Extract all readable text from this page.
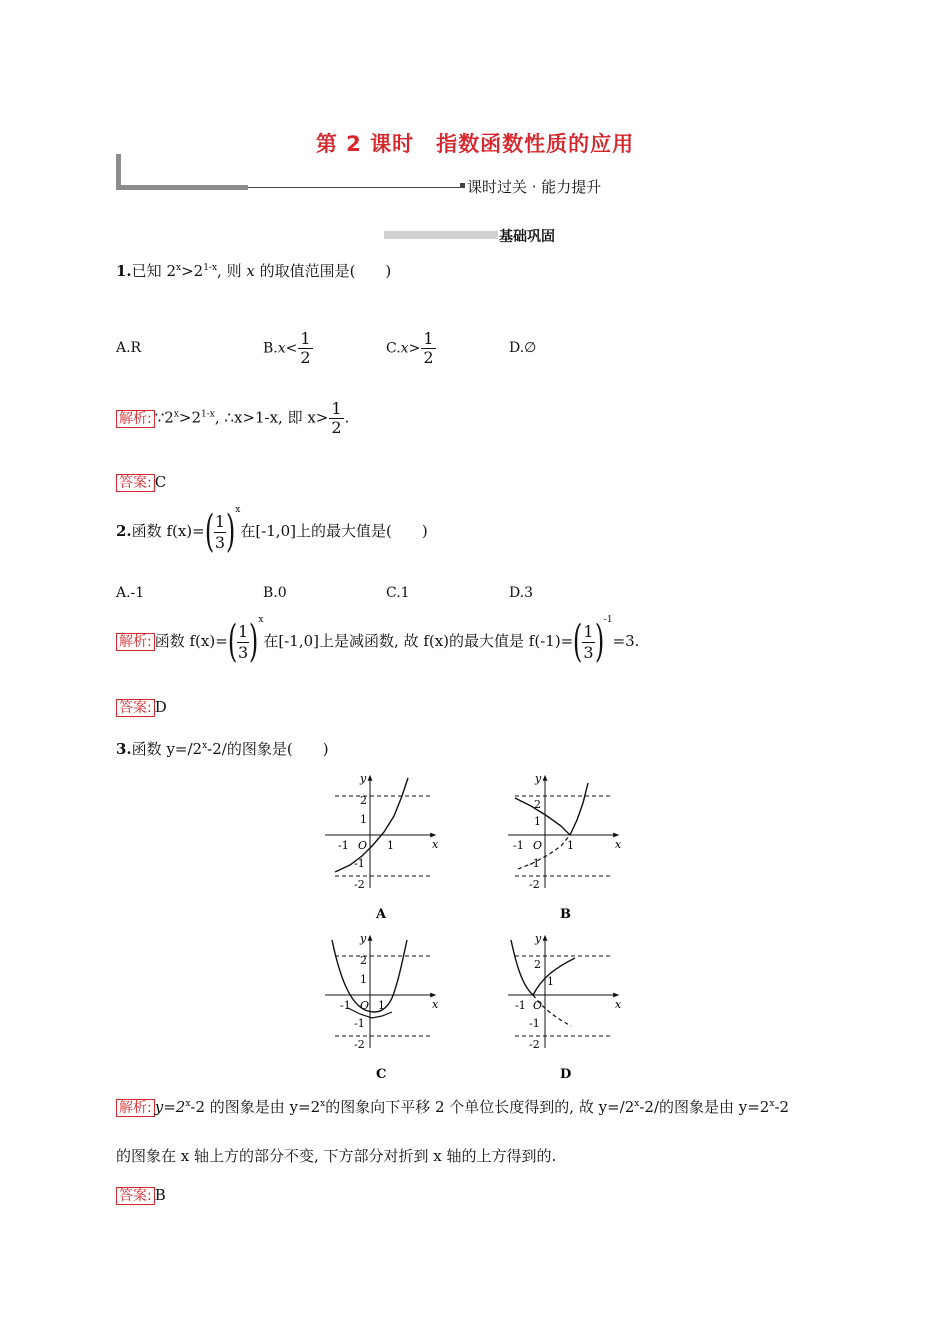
第 2 课时　指数函数性质的应用
课时过关 · 能力提升
基础巩固
1.已知 $2^x>2^{1-x}$, 则 x 的取值范围是(　　)
A.R	$B.x< \frac{1}{2}$	$C.x> \frac{1}{2}$	D.∅
解析: $\because 2^x>2^{1-x}$, ∴x>1-x, 即 $x> \frac{1}{2}$ .
答案: C
2.函数 $f(x)=( \frac{1}{3} )^x$在[-1,0]上的最大值是(　　)
A.-1	B.0	C.1	D.3
解析: 函数 $f(x)=( \frac{1}{3} )^x$在[-1,0]上是减函数, 故 f(x)的最大值是 $f(-1)=( \frac{1}{3} )^{-1}=3$.
答案: D
3.函数 $y=/2^x-2/$的图象是(　　)
y
x
2
1
-1 O 1
-1
-2
A
y
x
2
1
-1 O 1
-1
-2
B
y
x
2
1
-1 O 1
-1
-2
C
y
x
2
1
-1 O
-1
-2
D
解析: $y=2^x-2$ 的图象是由 $y=2^x$的图象向下平移 2 个单位长度得到的, 故 $y=/2^x-2/$的图象是由 $y=2^x-2$
的图象在 x 轴上方的部分不变, 下方部分对折到 x 轴的上方得到的.
答案: B
